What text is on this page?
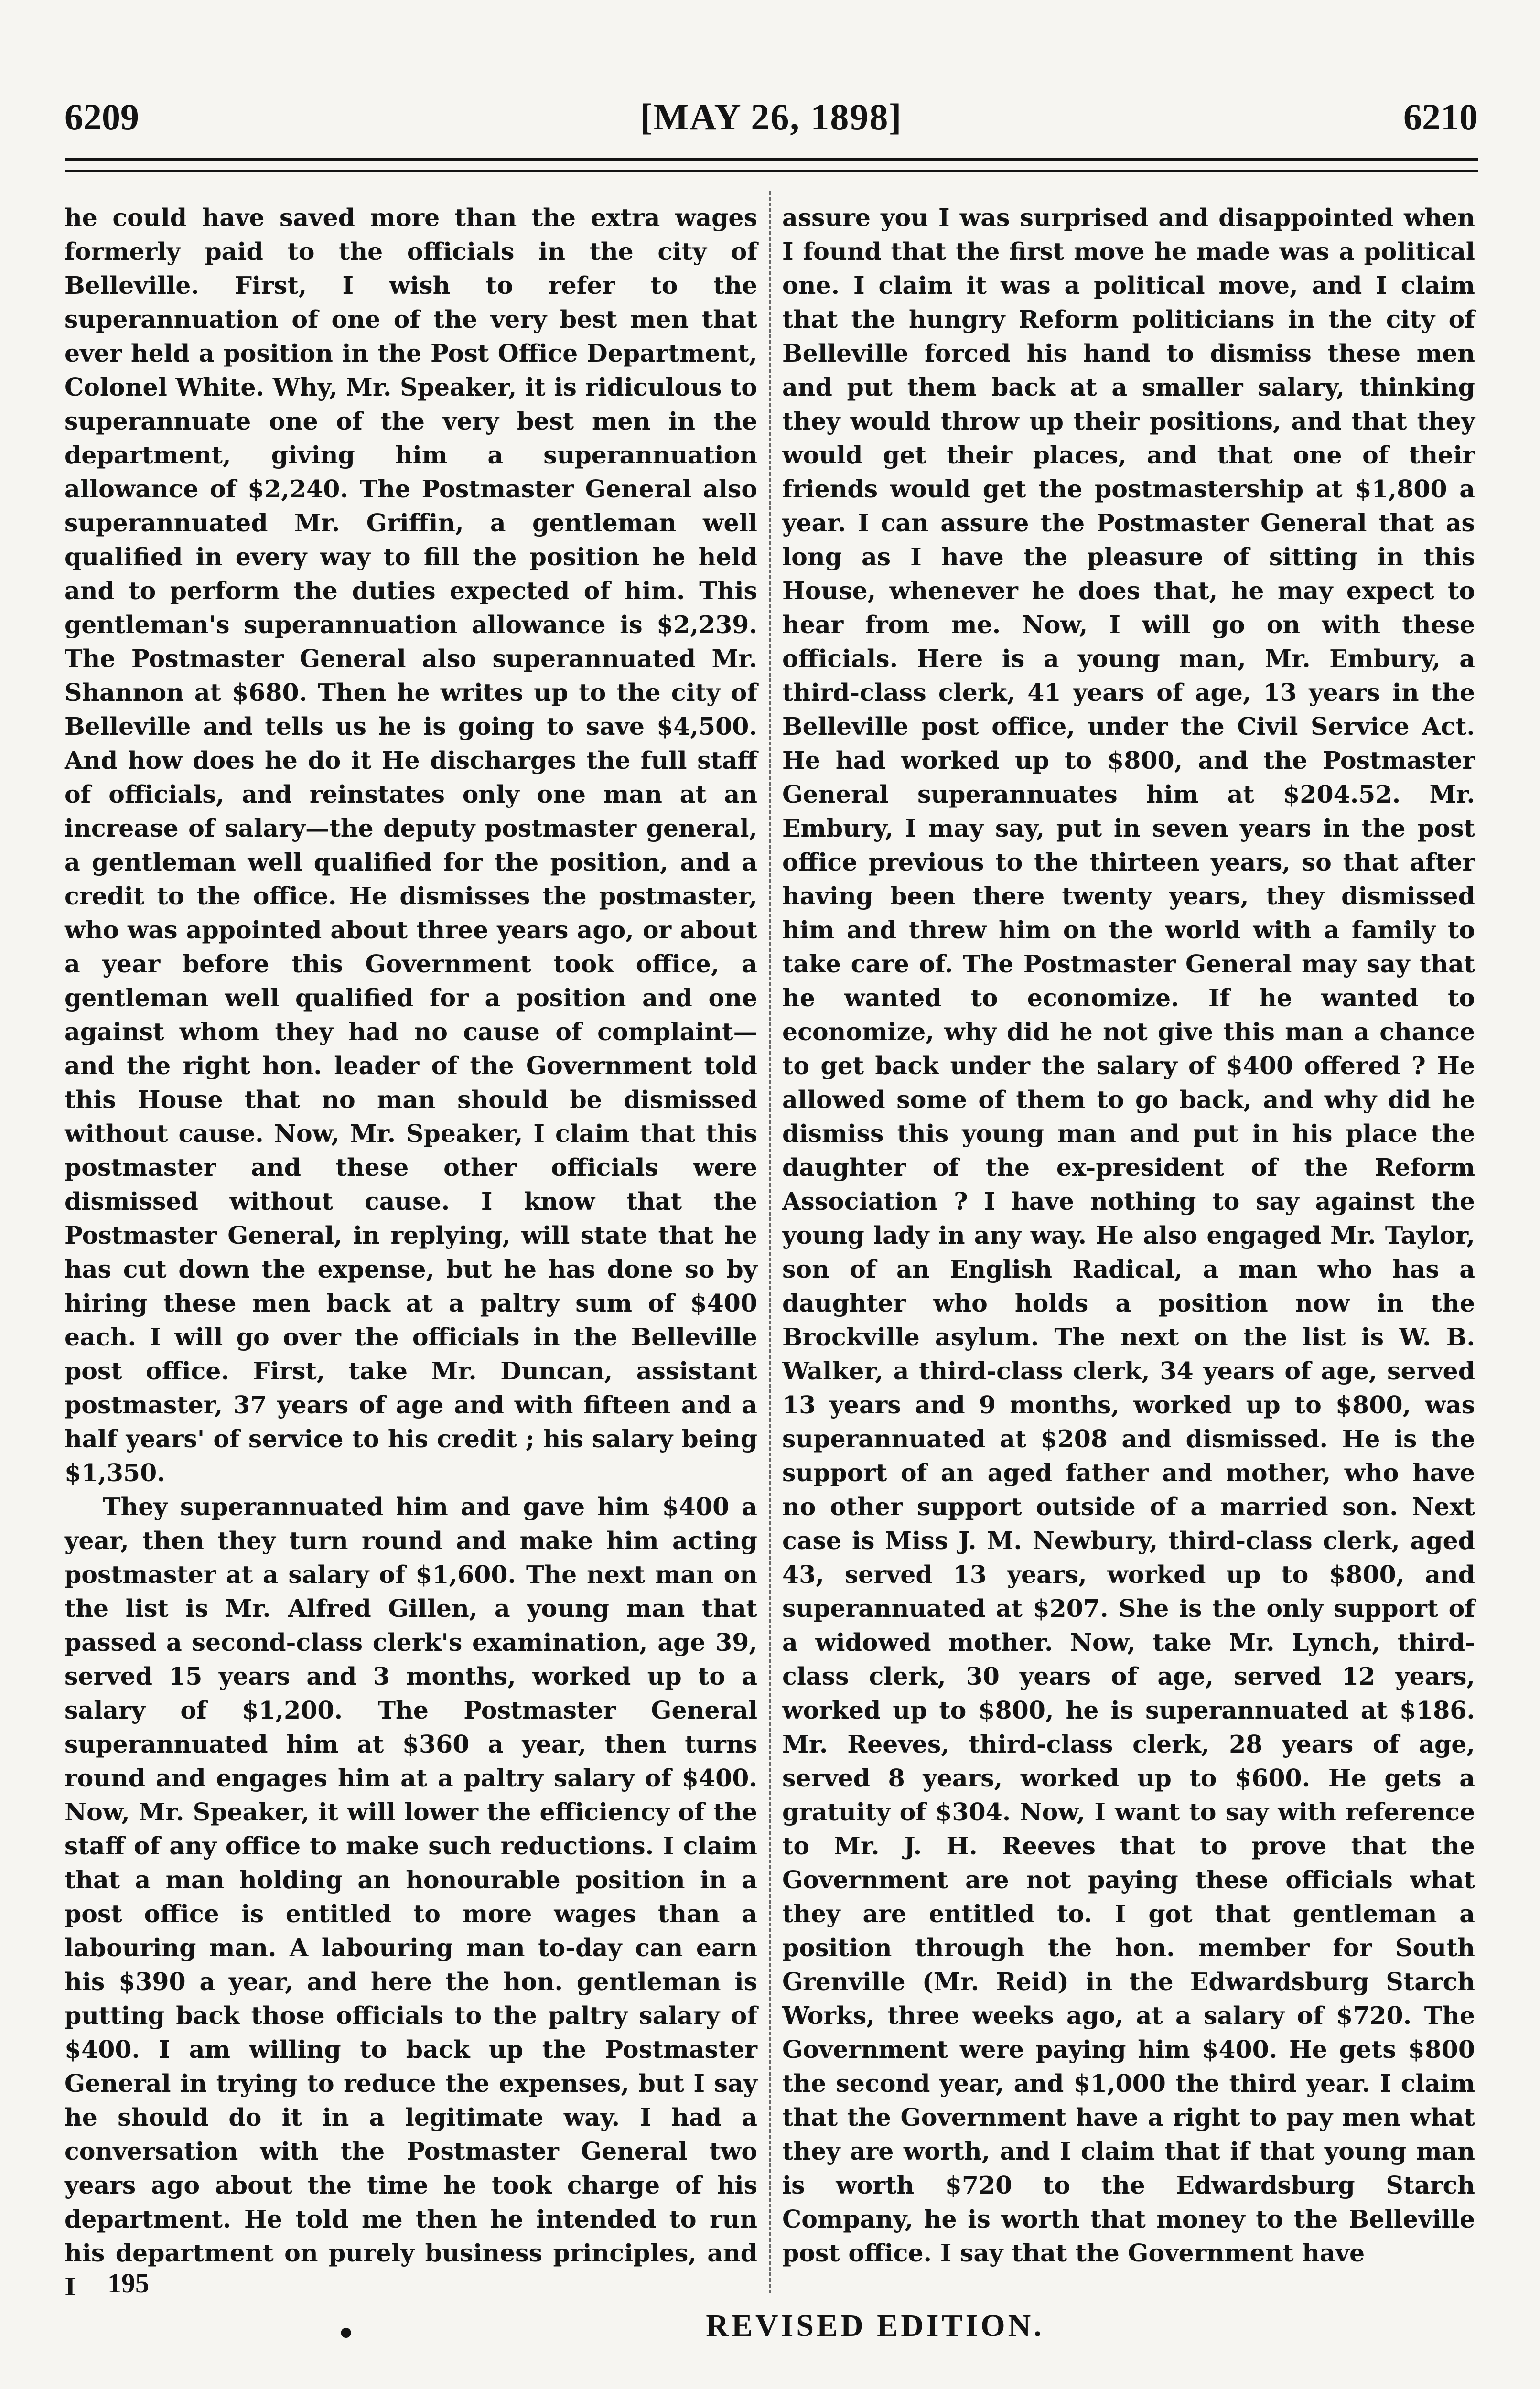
6209	[MAY 26, 1898]	6210

he could have saved more than the extra wages formerly paid to the officials in the city of Belleville. First, I wish to refer to the superannuation of one of the very best men that ever held a position in the Post Office Department, Colonel White. Why, Mr. Speaker, it is ridiculous to superannuate one of the very best men in the department, giving him a superannuation allowance of $2,240. The Postmaster General also superannuated Mr. Griffin, a gentleman well qualified in every way to fill the position he held and to perform the duties expected of him. This gentleman's superannuation allowance is $2,239. The Postmaster General also superannuated Mr. Shannon at $680. Then he writes up to the city of Belleville and tells us he is going to save $4,500. And how does he do it He discharges the full staff of officials, and reinstates only one man at an increase of salary—the deputy postmaster general, a gentleman well qualified for the position, and a credit to the office. He dismisses the postmaster, who was appointed about three years ago, or about a year before this Government took office, a gentleman well qualified for a position and one against whom they had no cause of complaint—and the right hon. leader of the Government told this House that no man should be dismissed without cause. Now, Mr. Speaker, I claim that this postmaster and these other officials were dismissed without cause. I know that the Postmaster General, in replying, will state that he has cut down the expense, but he has done so by hiring these men back at a paltry sum of $400 each. I will go over the officials in the Belleville post office. First, take Mr. Duncan, assistant postmaster, 37 years of age and with fifteen and a half years' of service to his credit ; his salary being $1,350.

They superannuated him and gave him $400 a year, then they turn round and make him acting postmaster at a salary of $1,600. The next man on the list is Mr. Alfred Gillen, a young man that passed a second-class clerk's examination, age 39, served 15 years and 3 months, worked up to a salary of $1,200. The Postmaster General superannuated him at $360 a year, then turns round and engages him at a paltry salary of $400. Now, Mr. Speaker, it will lower the efficiency of the staff of any office to make such reductions. I claim that a man holding an honourable position in a post office is entitled to more wages than a labouring man. A labouring man to-day can earn his $390 a year, and here the hon. gentleman is putting back those officials to the paltry salary of $400. I am willing to back up the Postmaster General in trying to reduce the expenses, but I say he should do it in a legitimate way. I had a conversation with the Postmaster General two years ago about the time he took charge of his department. He told me then he intended to run his department on purely business principles, and I

assure you I was surprised and disappointed when I found that the first move he made was a political one. I claim it was a political move, and I claim that the hungry Reform politicians in the city of Belleville forced his hand to dismiss these men and put them back at a smaller salary, thinking they would throw up their positions, and that they would get their places, and that one of their friends would get the postmastership at $1,800 a year. I can assure the Postmaster General that as long as I have the pleasure of sitting in this House, whenever he does that, he may expect to hear from me. Now, I will go on with these officials. Here is a young man, Mr. Embury, a third-class clerk, 41 years of age, 13 years in the Belleville post office, under the Civil Service Act. He had worked up to $800, and the Postmaster General superannuates him at $204.52. Mr. Embury, I may say, put in seven years in the post office previous to the thirteen years, so that after having been there twenty years, they dismissed him and threw him on the world with a family to take care of. The Postmaster General may say that he wanted to economize. If he wanted to economize, why did he not give this man a chance to get back under the salary of $400 offered ? He allowed some of them to go back, and why did he dismiss this young man and put in his place the daughter of the ex-president of the Reform Association ? I have nothing to say against the young lady in any way. He also engaged Mr. Taylor, son of an English Radical, a man who has a daughter who holds a position now in the Brockville asylum. The next on the list is W. B. Walker, a third-class clerk, 34 years of age, served 13 years and 9 months, worked up to $800, was superannuated at $208 and dismissed. He is the support of an aged father and mother, who have no other support outside of a married son. Next case is Miss J. M. Newbury, third-class clerk, aged 43, served 13 years, worked up to $800, and superannuated at $207. She is the only support of a widowed mother. Now, take Mr. Lynch, third-class clerk, 30 years of age, served 12 years, worked up to $800, he is superannuated at $186. Mr. Reeves, third-class clerk, 28 years of age, served 8 years, worked up to $600. He gets a gratuity of $304. Now, I want to say with reference to Mr. J. H. Reeves that to prove that the Government are not paying these officials what they are entitled to. I got that gentleman a position through the hon. member for South Grenville (Mr. Reid) in the Edwardsburg Starch Works, three weeks ago, at a salary of $720. The Government were paying him $400. He gets $800 the second year, and $1,000 the third year. I claim that the Government have a right to pay men what they are worth, and I claim that if that young man is worth $720 to the Edwardsburg Starch Company, he is worth that money to the Belleville post office. I say that the Government have

195
•	REVISED EDITION.
